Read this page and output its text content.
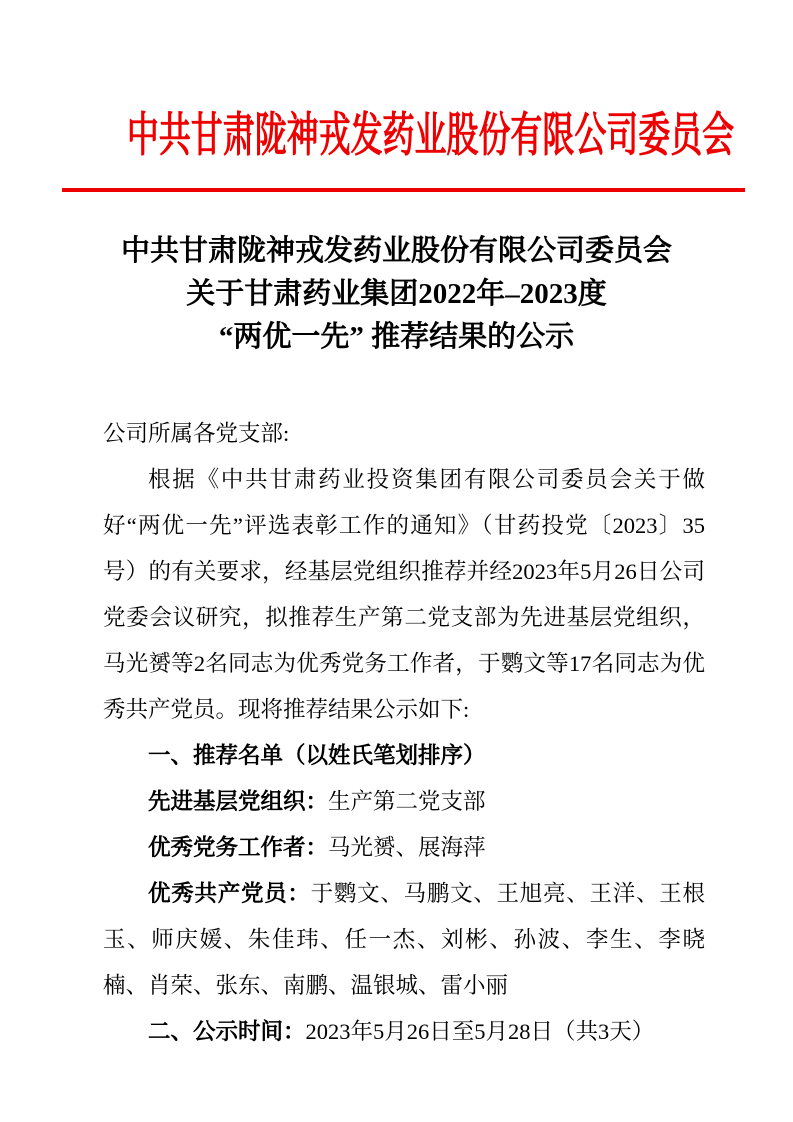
中共甘肃陇神戎发药业股份有限公司委员会
中共甘肃陇神戎发药业股份有限公司委员会
关于甘肃药业集团2022年–2023度
“两优一先” 推荐结果的公示

公司所属各党支部:

根据《中共甘肃药业投资集团有限公司委员会关于做好“两优一先”评选表彰工作的通知》（甘药投党〔2023〕35号）的有关要求，经基层党组织推荐并经2023年5月26日公司党委会议研究，拟推荐生产第二党支部为先进基层党组织，马光赟等2名同志为优秀党务工作者，于鹦文等17名同志为优秀共产党员。现将推荐结果公示如下:

一、推荐名单（以姓氏笔划排序）

先进基层党组织：生产第二党支部

优秀党务工作者：马光赟、展海萍

优秀共产党员：于鹦文、马鹏文、王旭亮、王洋、王根玉、师庆媛、朱佳玮、任一杰、刘彬、孙波、李生、李晓楠、肖荣、张东、南鹏、温银城、雷小丽

二、公示时间：2023年5月26日至5月28日（共3天）
